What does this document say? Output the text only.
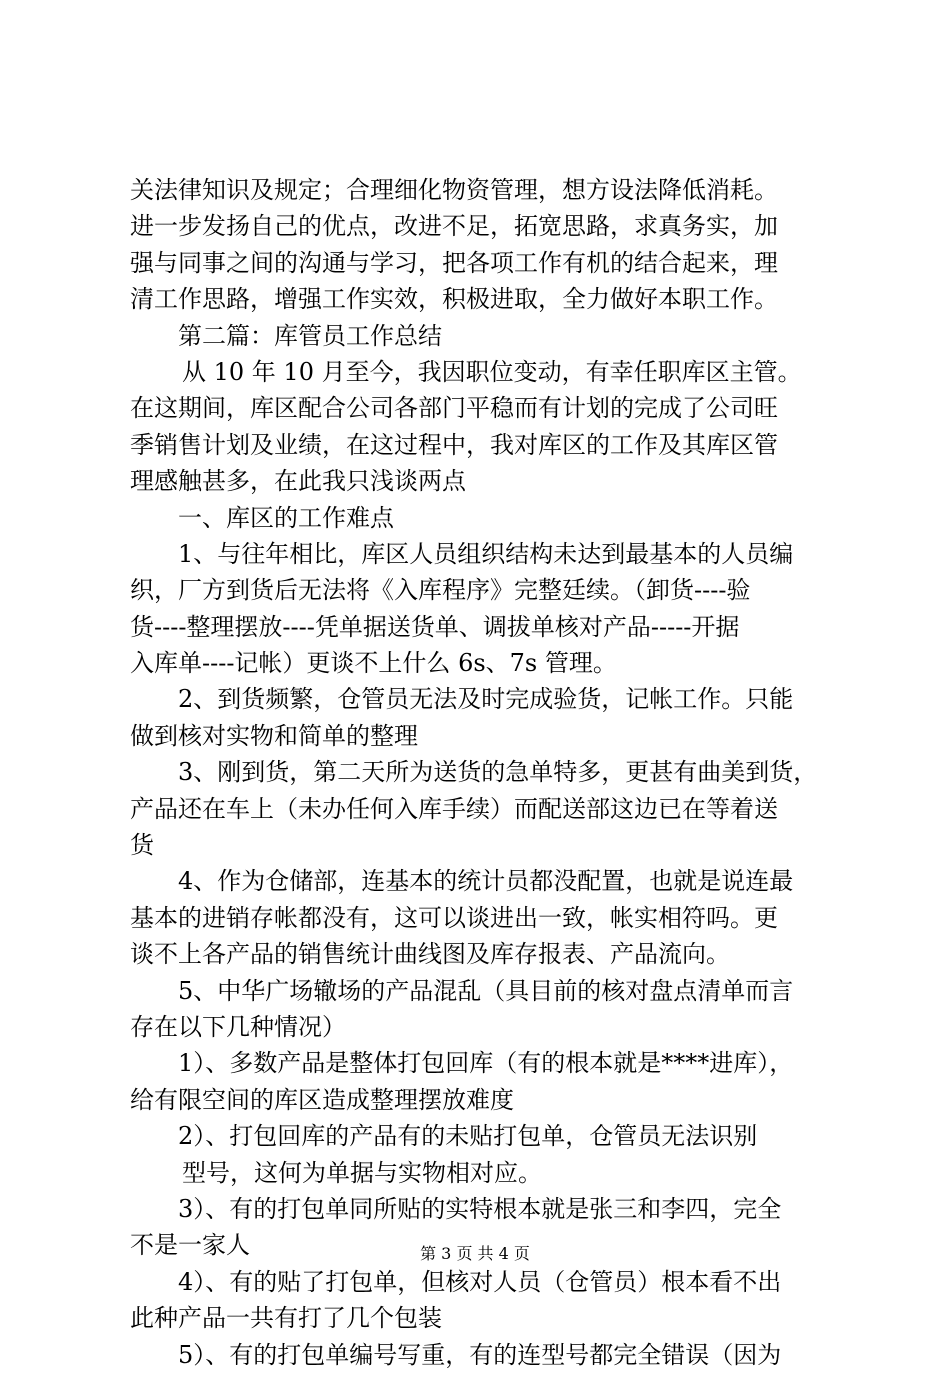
关法律知识及规定；合理细化物资管理，想方设法降低消耗。
进一步发扬自己的优点，改进不足，拓宽思路，求真务实，加
强与同事之间的沟通与学习，把各项工作有机的结合起来，理
清工作思路，增强工作实效，积极进取，全力做好本职工作。
第二篇：库管员工作总结
从 10 年 10 月至今，我因职位变动，有幸任职库区主管。
在这期间，库区配合公司各部门平稳而有计划的完成了公司旺
季销售计划及业绩，在这过程中，我对库区的工作及其库区管
理感触甚多，在此我只浅谈两点
一、库区的工作难点
1、与往年相比，库区人员组织结构未达到最基本的人员编
织，厂方到货后无法将《入库程序》完整廷续。（卸货----验
货----整理摆放----凭单据送货单、调拔单核对产品-----开据
入库单----记帐）更谈不上什么 6s、7s 管理。
2、到货频繁，仓管员无法及时完成验货，记帐工作。只能
做到核对实物和简单的整理
3、刚到货，第二天所为送货的急单特多，更甚有曲美到货，
产品还在车上（未办任何入库手续）而配送部这边已在等着送
货
4、作为仓储部，连基本的统计员都没配置，也就是说连最
基本的进销存帐都没有，这可以谈进出一致，帐实相符吗。更
谈不上各产品的销售统计曲线图及库存报表、产品流向。
5、中华广场辙场的产品混乱（具目前的核对盘点清单而言
存在以下几种情况）
1）、多数产品是整体打包回库（有的根本就是****进库），
给有限空间的库区造成整理摆放难度
2）、打包回库的产品有的未贴打包单，仓管员无法识别
型号，这何为单据与实物相对应。
3）、有的打包单同所贴的实特根本就是张三和李四，完全
不是一家人
4）、有的贴了打包单，但核对人员（仓管员）根本看不出
此种产品一共有打了几个包装
5）、有的打包单编号写重，有的连型号都完全错误（因为
第 3 页 共 4 页
